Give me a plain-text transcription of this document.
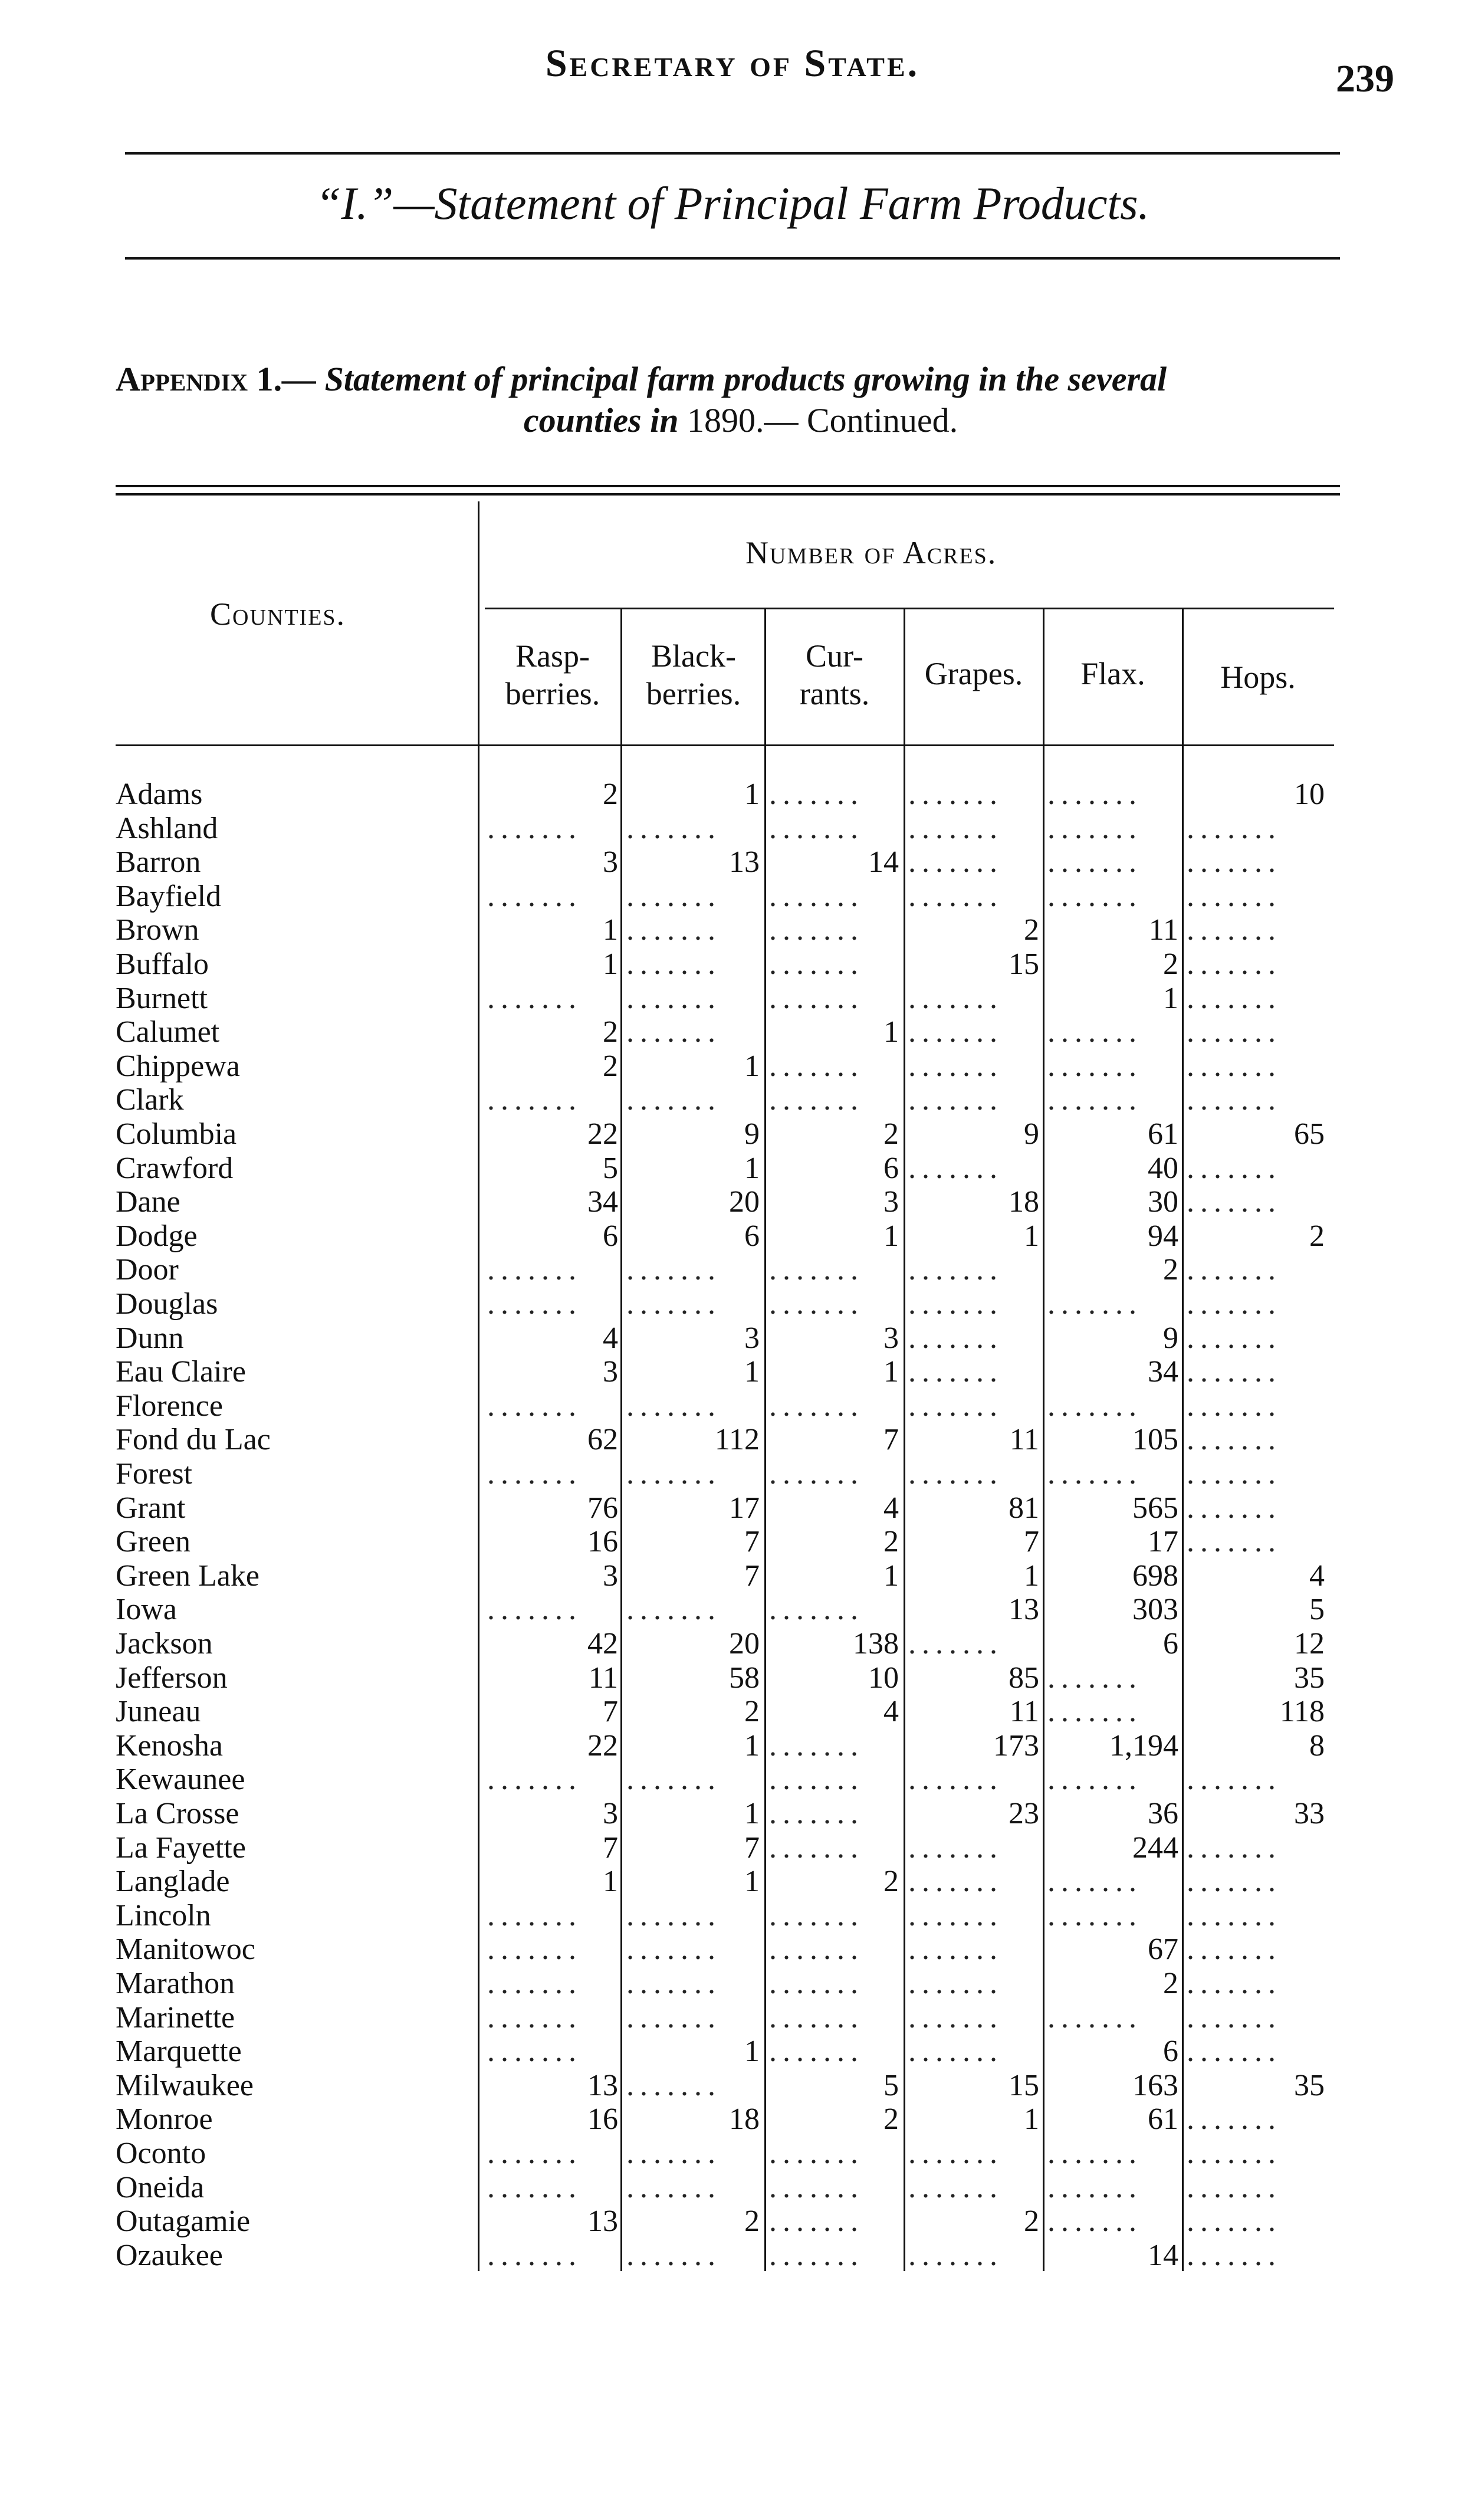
Secretary of State.	239
“I.”—Statement of Principal Farm Products.
Appendix 1.— Statement of principal farm products growing in the several
counties in 1890.— Continued.
Counties.
Number of Acres.
Rasp-
berries.
Black-
berries.
Cur-
rants.
Grapes.	Flax.	Hops.
Adams .....	2	1 ....... ....... .......	10
Ashland .....	....... ....... ....... ....... ....... .......
Barron .....	3	13	14 ....... ....... .......
Bayfield .....	....... ....... ....... ....... ....... .......
Brown .....	1 ....... .......	2	11 .......
Buffalo .....	1 ....... .......	15	2 .......
Burnett .....	....... ....... ....... .......	1 .......
Calumet .....	2 .......	1 ....... ....... .......
Chippewa .....	2	1 ....... ....... ....... .......
Clark .....	....... ....... ....... ....... ....... .......
Columbia .....	22	9	2	9	61	65
Crawford .....	5	1	6 .......	40 .......
Dane .....	34	20	3	18	30 .......
Dodge .....	6	6	1	1	94	2
Door .....	....... ....... ....... .......	2 .......
Douglas .....	....... ....... ....... ....... ....... .......
Dunn .....	4	3	3 .......	9 .......
Eau Claire .....	3	1	1 .......	34 .......
Florence .....	....... ....... ....... ....... ....... .......
Fond du Lac .....	62	112	7	11	105 .......
Forest .....	....... ....... ....... ....... ....... .......
Grant .....	76	17	4	81	565 .......
Green .....	16	7	2	7	17 .......
Green Lake .....	3	7	1	1	698	4
Iowa .....	....... ....... .......	13	303	5
Jackson .....	42	20	138 .......	6	12
Jefferson .....	11	58	10	85 .......	35
Juneau .....	7	2	4	11 .......	118
Kenosha .....	22	1 .......	173 1,194	8
Kewaunee .....	....... ....... ....... ....... ....... .......
La Crosse .....	3	1 .......	23	36	33
La Fayette .....	7	7 ....... .......	244 .......
Langlade .....	1	1	2 ....... ....... .......
Lincoln .....	....... ....... ....... ....... ....... .......
Manitowoc .....	....... ....... ....... .......	67 .......
Marathon .....	....... ....... ....... .......	2 .......
Marinette .....	....... ....... ....... ....... ....... .......
Marquette .....	.......	1 ....... .......	6 .......
Milwaukee .....	13 .......	5	15	163	35
Monroe .....	16	18	2	1	61 .......
Oconto .....	....... ....... ....... ....... ....... .......
Oneida .....	....... ....... ....... ....... ....... .......
Outagamie .....	13	2 .......	2 ....... .......
Ozaukee .....	....... ....... ....... .......	14 .......
